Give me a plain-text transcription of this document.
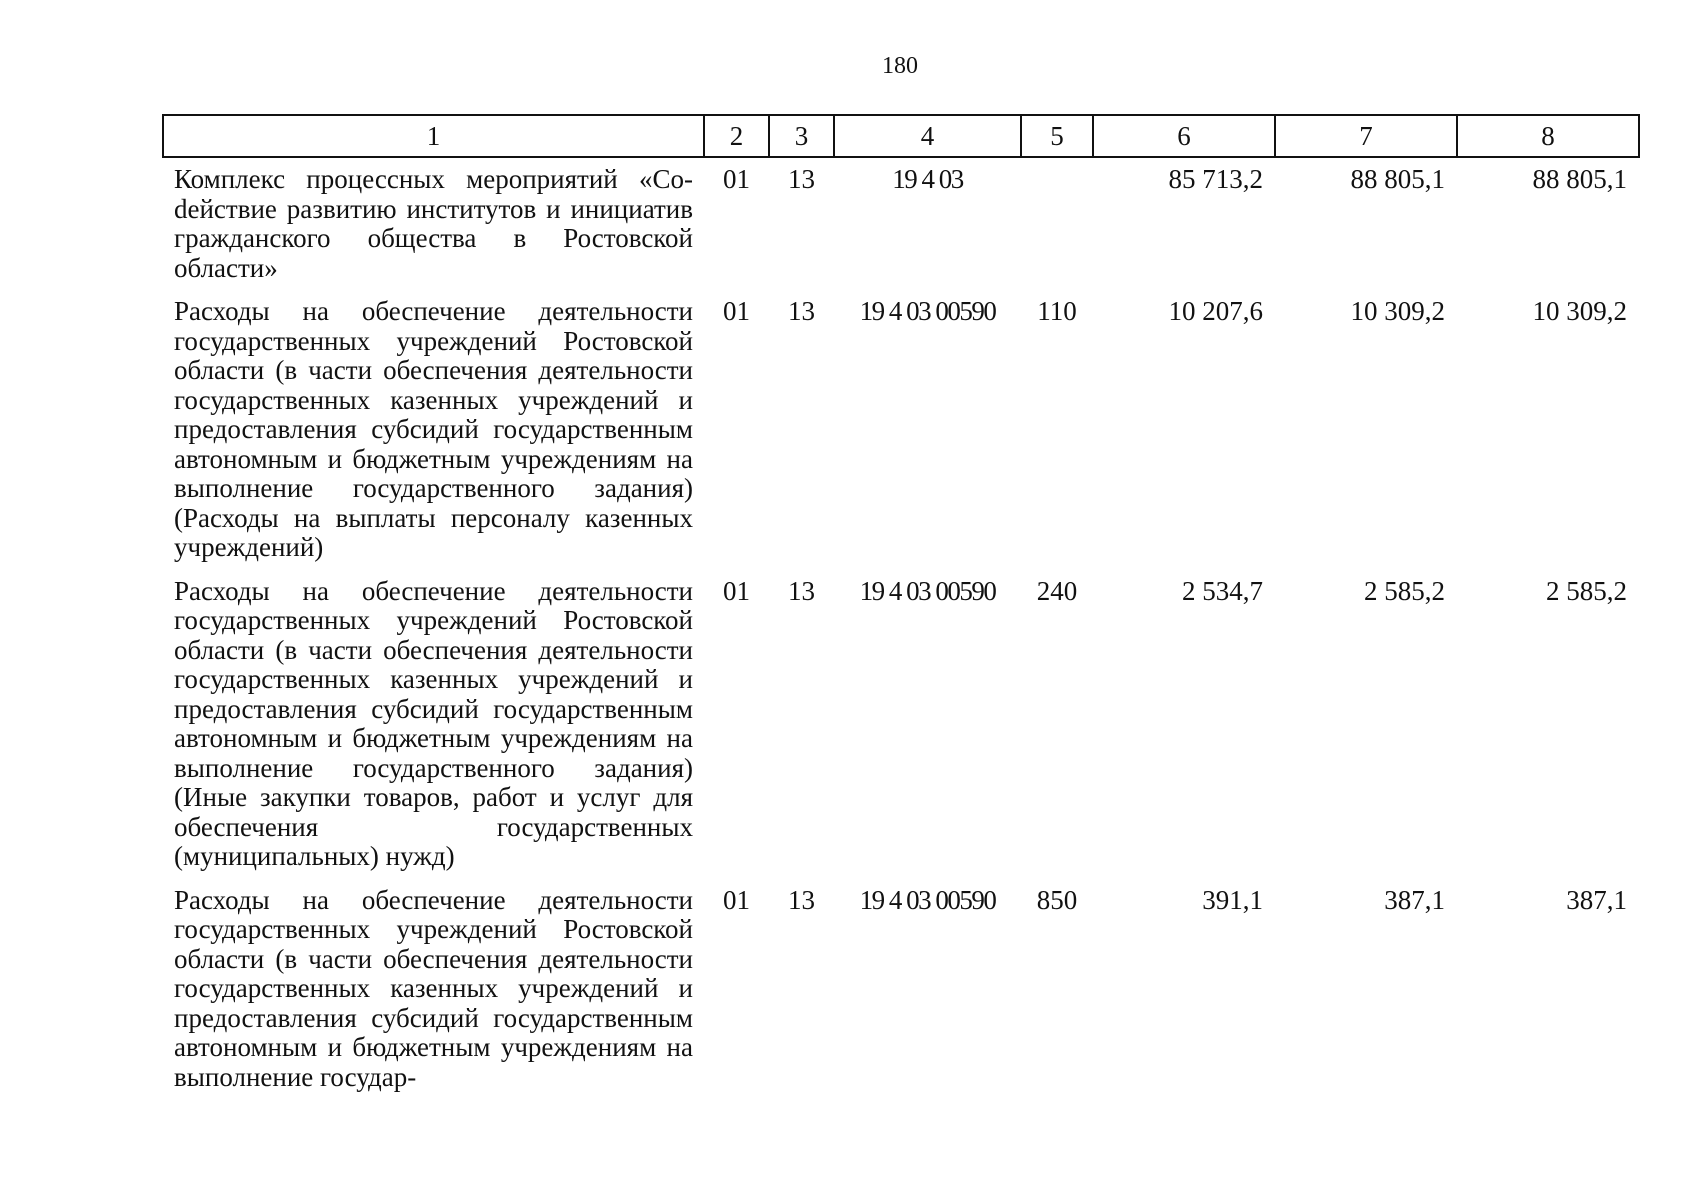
180
1	2	3	4	5	6	7	8
Комплекс процессных мероприятий «Соdействие развитию институтов и инициатив гражданского общества в Ростовской области»	01	13	19 4 03		85 713,2	88 805,1	88 805,1
Расходы на обеспечение деятельности государственных учреждений Ростовской области (в части обеспечения деятельности государственных казенных учреждений и предоставления субсидий государственным автономным и бюджетным учреждениям на выполнение государственного задания) (Расходы на выплаты персоналу казенных учреждений)	01	13	19 4 03 00590	110	10 207,6	10 309,2	10 309,2
Расходы на обеспечение деятельности государственных учреждений Ростовской области (в части обеспечения деятельности государственных казенных учреждений и предоставления субсидий государственным автономным и бюджетным учреждениям на выполнение государственного задания) (Иные закупки товаров, работ и услуг для обеспечения государственных (муниципальных) нужд)	01	13	19 4 03 00590	240	2 534,7	2 585,2	2 585,2
Расходы на обеспечение деятельности государственных учреждений Ростовской области (в части обеспечения деятельности государственных казенных учреждений и предоставления субсидий государственным автономным и бюджетным учреждениям на выполнение государ-	01	13	19 4 03 00590	850	391,1	387,1	387,1
